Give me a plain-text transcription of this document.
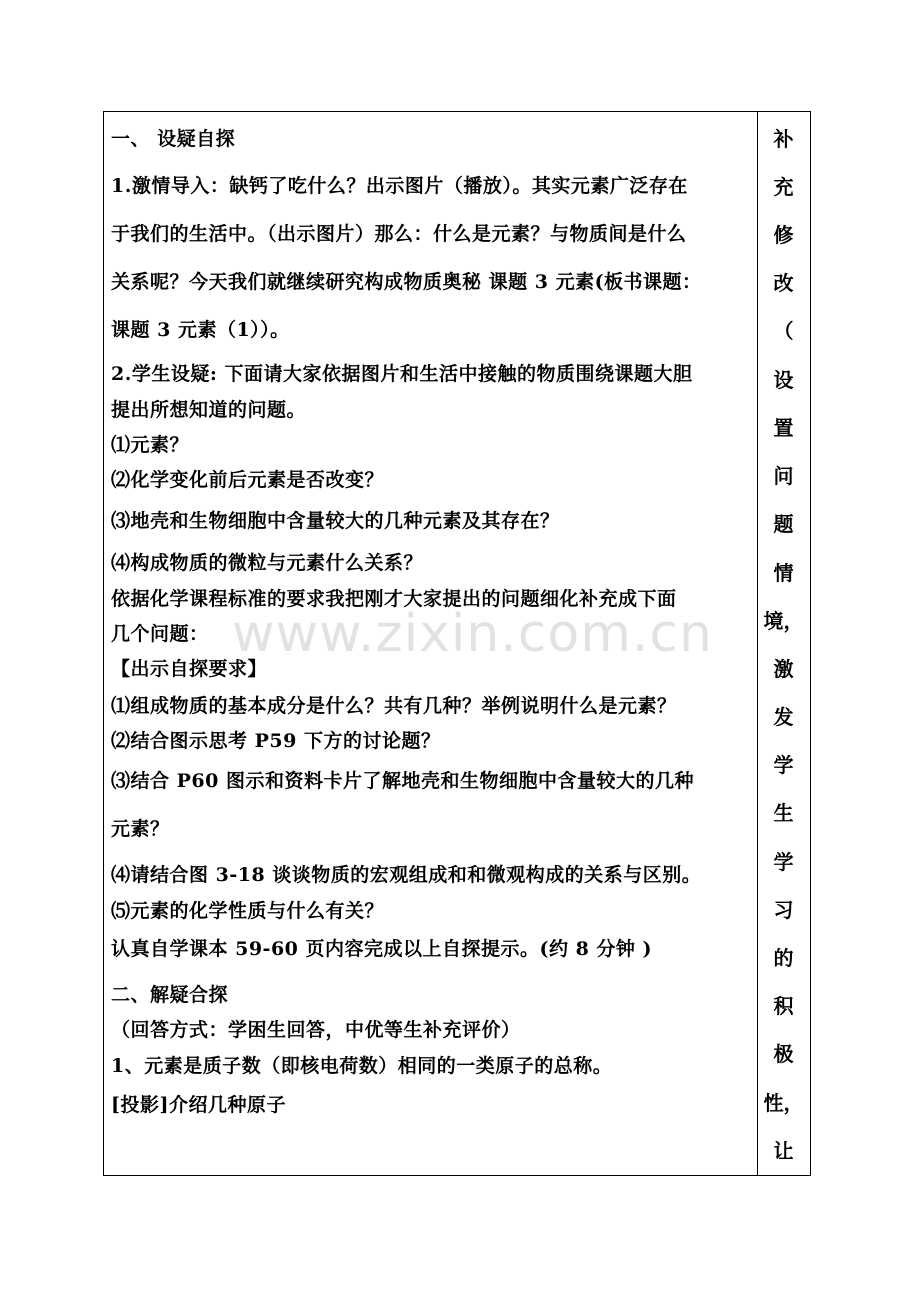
一、 设疑自探
1.激情导入：缺钙了吃什么？出示图片（播放）。其实元素广泛存在
于我们的生活中。（出示图片）那么：什么是元素？与物质间是什么
关系呢？今天我们就继续研究构成物质奥秘 课题 3 元素(板书课题：
课题 3 元素（1））。
2.学生设疑: 下面请大家依据图片和生活中接触的物质围绕课题大胆
提出所想知道的问题。
⑴元素？
⑵化学变化前后元素是否改变？
⑶地壳和生物细胞中含量较大的几种元素及其存在？
⑷构成物质的微粒与元素什么关系？
依据化学课程标准的要求我把刚才大家提出的问题细化补充成下面
几个问题：
【出示自探要求】
⑴组成物质的基本成分是什么？共有几种？举例说明什么是元素？
⑵结合图示思考 P59 下方的讨论题？
⑶结合 P60 图示和资料卡片了解地壳和生物细胞中含量较大的几种
元素？
⑷请结合图 3-18 谈谈物质的宏观组成和和微观构成的关系与区别。
⑸元素的化学性质与什么有关？
认真自学课本 59-60 页内容完成以上自探提示。(约 8 分钟 )
二、解疑合探
（回答方式：学困生回答，中优等生补充评价）
1、元素是质子数（即核电荷数）相同的一类原子的总称。
[投影]介绍几种原子
补
充
修
改
（
设
置
问
题
情
境，
激
发
学
生
学
习
的
积
极
性，
让
www.zixin.com.cn
